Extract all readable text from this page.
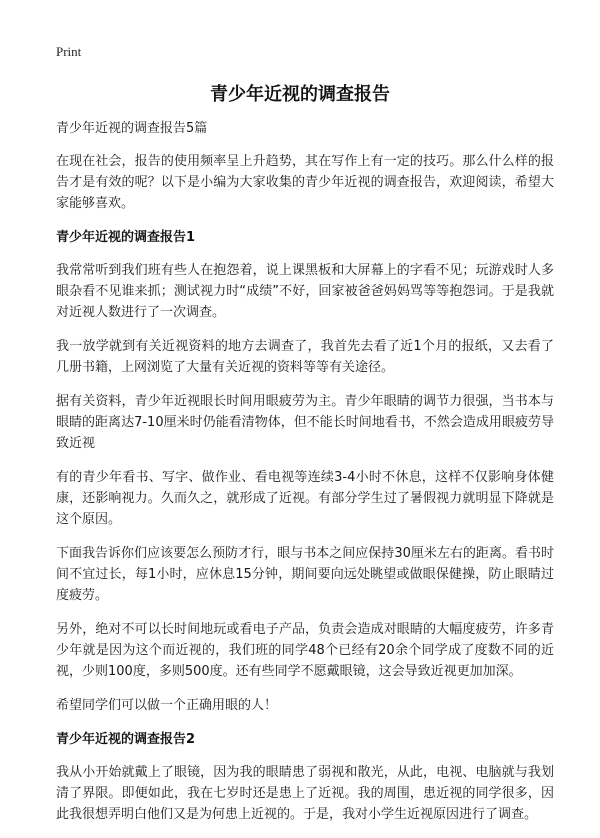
Print
青少年近视的调查报告

青少年近视的调查报告5篇

在现在社会，报告的使用频率呈上升趋势，其在写作上有一定的技巧。那么什么样的报告才是有效的呢？以下是小编为大家收集的青少年近视的调查报告，欢迎阅读，希望大家能够喜欢。

青少年近视的调查报告1

我常常听到我们班有些人在抱怨着，说上课黑板和大屏幕上的字看不见；玩游戏时人多眼杂看不见谁来抓；测试视力时“成绩”不好，回家被爸爸妈妈骂等等抱怨词。于是我就对近视人数进行了一次调查。

我一放学就到有关近视资料的地方去调查了，我首先去看了近1个月的报纸，又去看了几册书籍，上网浏览了大量有关近视的资料等等有关途径。

据有关资料，青少年近视眼长时间用眼疲劳为主。青少年眼睛的调节力很强，当书本与眼睛的距离达7-10厘米时仍能看清物体，但不能长时间地看书，不然会造成用眼疲劳导致近视

有的青少年看书、写字、做作业、看电视等连续3-4小时不休息，这样不仅影响身体健康，还影响视力。久而久之，就形成了近视。有部分学生过了暑假视力就明显下降就是这个原因。

下面我告诉你们应该要怎么预防才行，眼与书本之间应保持30厘米左右的距离。看书时间不宜过长，每1小时，应休息15分钟，期间要向远处眺望或做眼保健操，防止眼睛过度疲劳。

另外，绝对不可以长时间地玩或看电子产品，负责会造成对眼睛的大幅度疲劳，许多青少年就是因为这个而近视的，我们班的同学48个已经有20余个同学成了度数不同的近视，少则100度，多则500度。还有些同学不愿戴眼镜，这会导致近视更加加深。

希望同学们可以做一个正确用眼的人！

青少年近视的调查报告2

我从小开始就戴上了眼镜，因为我的眼睛患了弱视和散光，从此，电视、电脑就与我划清了界限。即便如此，我在七岁时还是患上了近视。我的周围，患近视的同学很多，因此我很想弄明白他们又是为何患上近视的。于是，我对小学生近视原因进行了调查。
